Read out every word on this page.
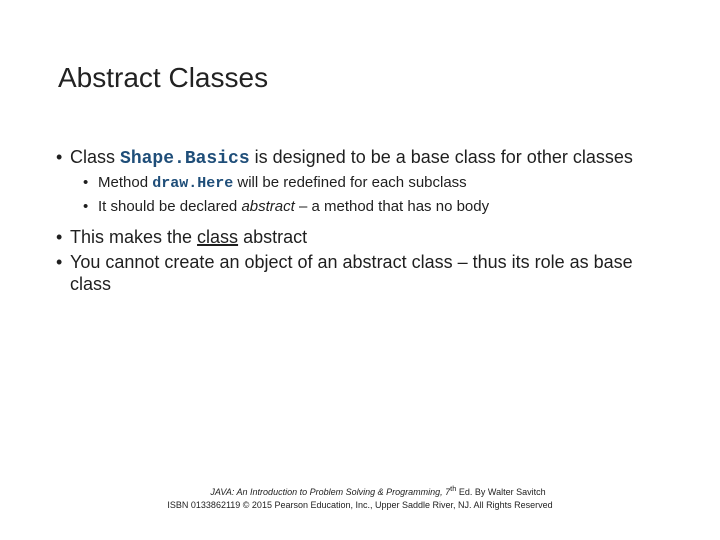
Abstract Classes
• Class Shape.Basics is designed to be a base class for other classes
• Method draw.Here will be redefined for each subclass
• It should be declared abstract – a method that has no body
• This makes the class abstract
• You cannot create an object of an abstract class – thus its role as base class
JAVA: An Introduction to Problem Solving & Programming, 7th Ed. By Walter Savitch
ISBN 0133862119 © 2015 Pearson Education, Inc., Upper Saddle River, NJ. All Rights Reserved
